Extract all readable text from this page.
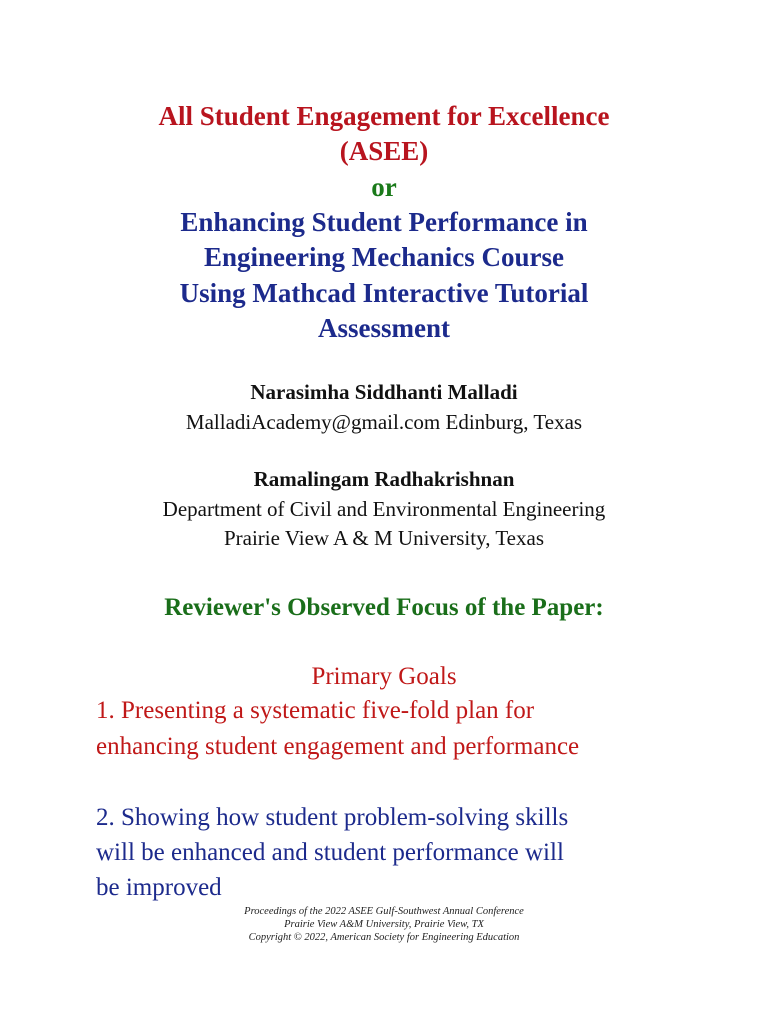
All Student Engagement for Excellence
(ASEE)
or
Enhancing Student Performance in
Engineering Mechanics Course
Using Mathcad Interactive Tutorial
Assessment
Narasimha Siddhanti Malladi
MalladiAcademy@gmail.com Edinburg, Texas
Ramalingam Radhakrishnan
Department of Civil and Environmental Engineering
Prairie View A & M University, Texas
Reviewer's Observed Focus of the Paper:
Primary Goals
1. Presenting a systematic five-fold plan for
enhancing student engagement and performance
2. Showing how student problem-solving skills
will be enhanced and student performance will
be improved
Proceedings of the 2022 ASEE Gulf-Southwest Annual Conference
Prairie View A&M University, Prairie View, TX
Copyright © 2022, American Society for Engineering Education
